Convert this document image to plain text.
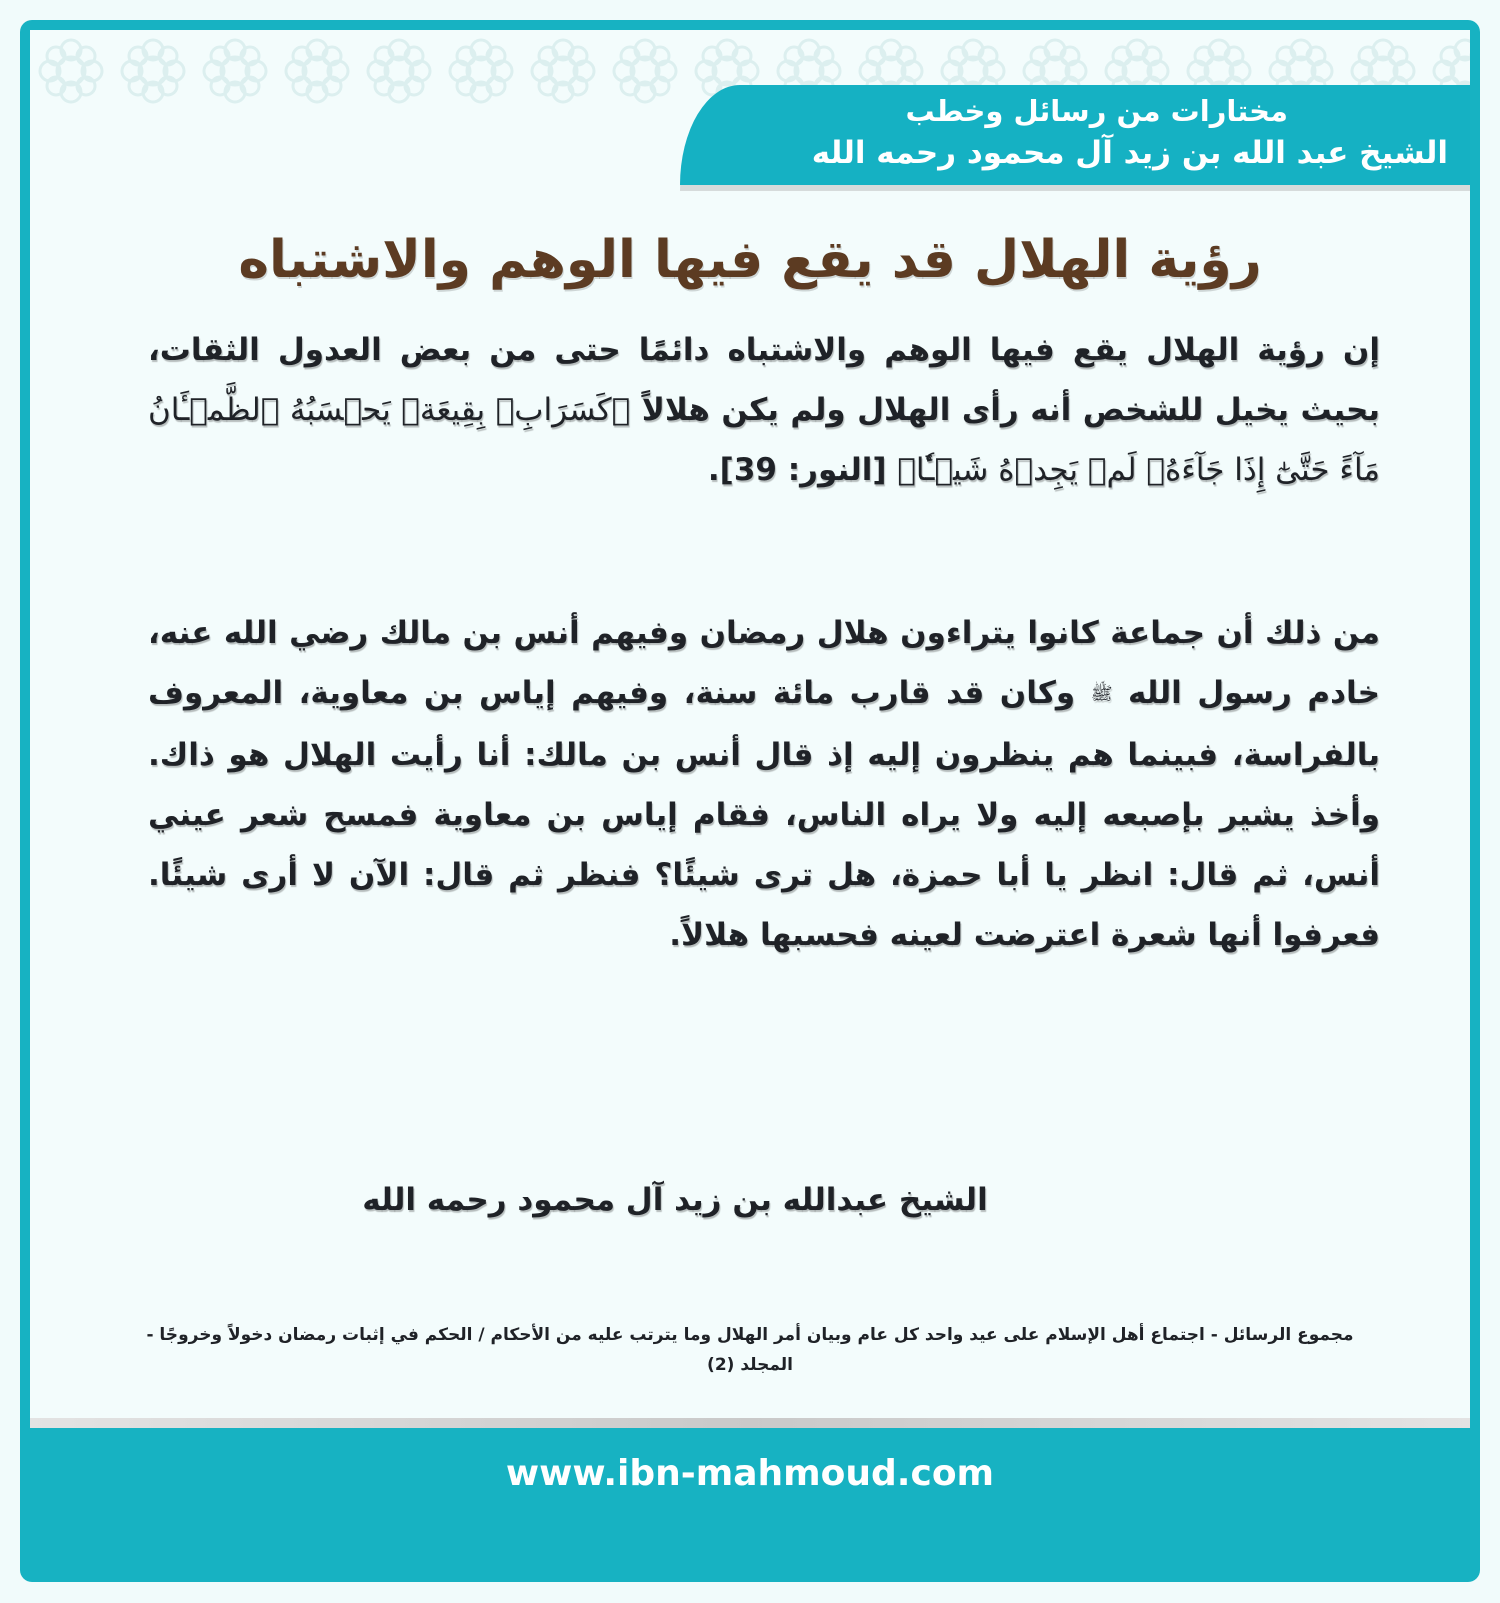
مختارات من رسائل وخطب
الشيخ عبد الله بن زيد آل محمود رحمه الله
رؤية الهلال قد يقع فيها الوهم والاشتباه
إن رؤية الهلال يقع فيها الوهم والاشتباه دائمًا حتى من بعض العدول الثقات، بحيث يخيل للشخص أنه رأى الهلال ولم يكن هلالاً ﴿كَسَرَابِۢ بِقِيعَةٖ يَحۡسَبُهُ ٱلظَّمۡـَٔانُ مَآءً حَتَّىٰٓ إِذَا جَآءَهُۥ لَمۡ يَجِدۡهُ شَيۡـٔٗا﴾ [النور: 39].
من ذلك أن جماعة كانوا يتراءون هلال رمضان وفيهم أنس بن مالك رضي الله عنه، خادم رسول الله ﷺ وكان قد قارب مائة سنة، وفيهم إياس بن معاوية، المعروف بالفراسة، فبينما هم ينظرون إليه إذ قال أنس بن مالك: أنا رأيت الهلال هو ذاك. وأخذ يشير بإصبعه إليه ولا يراه الناس، فقام إياس بن معاوية فمسح شعر عيني أنس، ثم قال: انظر يا أبا حمزة، هل ترى شيئًا؟ فنظر ثم قال: الآن لا أرى شيئًا. فعرفوا أنها شعرة اعترضت لعينه فحسبها هلالاً.
الشيخ عبدالله بن زيد آل محمود رحمه الله
مجموع الرسائل - اجتماع أهل الإسلام على عيد واحد كل عام وبيان أمر الهلال وما يترتب عليه من الأحكام / الحكم في إثبات رمضان دخولاً وخروجًا - المجلد (2)
www.ibn-mahmoud.com
